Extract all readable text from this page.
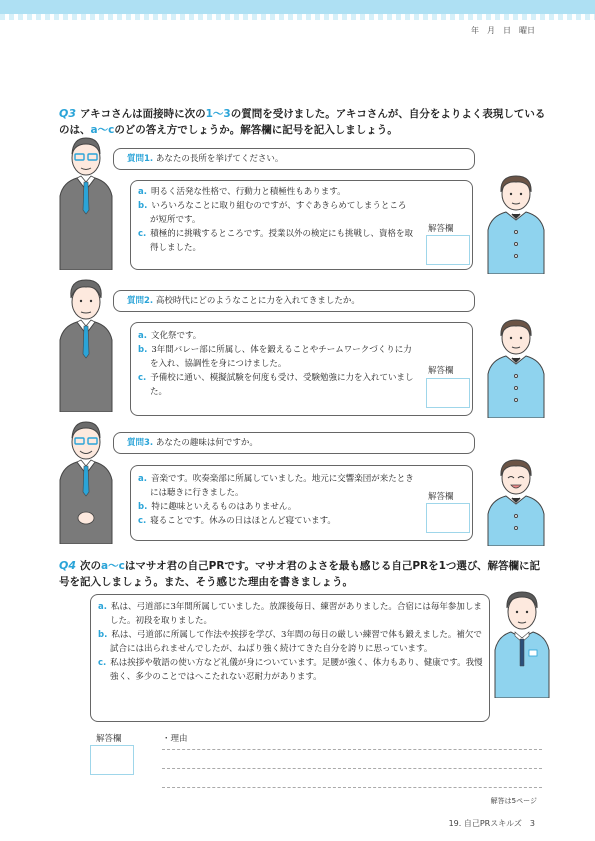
年　月　日　曜日
Q3 アキコさんは面接時に次の1～3の質問を受けました。アキコさんが、自分をよりよく表現しているのは、a～cのどの答え方でしょうか。解答欄に記号を記入しましょう。
質問1. あなたの長所を挙げてください。
a. 明るく活発な性格で、行動力と積極性もあります。
b. いろいろなことに取り組むのですが、すぐあきらめてしまうところが短所です。
c. 積極的に挑戦するところです。授業以外の検定にも挑戦し、資格を取得しました。
解答欄
質問2. 高校時代にどのようなことに力を入れてきましたか。
a. 文化祭です。
b. 3年間バレー部に所属し、体を鍛えることやチームワークづくりに力を入れ、協調性を身につけました。
c. 予備校に通い、模擬試験を何度も受け、受験勉強に力を入れていました。
解答欄
質問3. あなたの趣味は何ですか。
a. 音楽です。吹奏楽部に所属していました。地元に交響楽団が来たときには聴きに行きました。
b. 特に趣味といえるものはありません。
c. 寝ることです。休みの日はほとんど寝ています。
解答欄
Q4 次のa～cはマサオ君の自己PRです。マサオ君のよさを最も感じる自己PRを1つ選び、解答欄に記号を記入しましょう。また、そう感じた理由を書きましょう。
a. 私は、弓道部に3年間所属していました。放課後毎日、練習がありました。合宿には毎年参加しました。初段を取りました。
b. 私は、弓道部に所属して作法や挨拶を学び、3年間の毎日の厳しい練習で体も鍛えました。補欠で試合には出られませんでしたが、ねばり強く続けてきた自分を誇りに思っています。
c. 私は挨拶や敬語の使い方など礼儀が身についています。足腰が強く、体力もあり、健康です。我慢強く、多少のことではへこたれない忍耐力があります。
解答欄	・理由
解答は5ページ
19. 自己PRスキルズ 3
